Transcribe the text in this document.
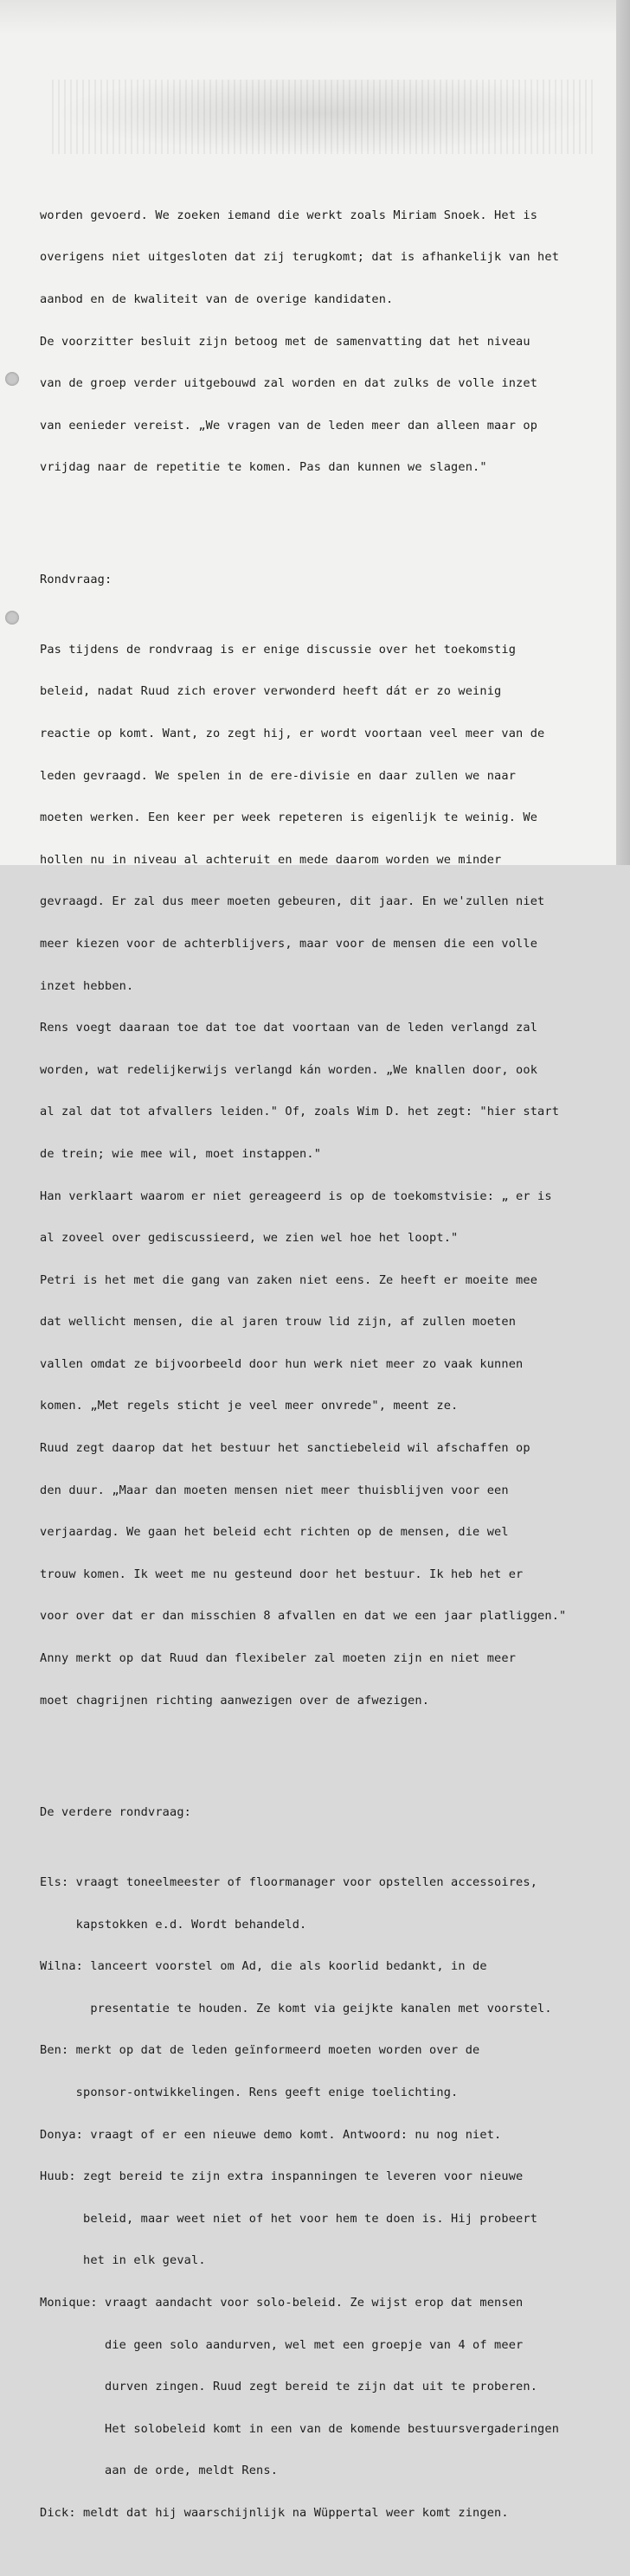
worden gevoerd. We zoeken iemand die werkt zoals Miriam Snoek. Het is

overigens niet uitgesloten dat zij terugkomt; dat is afhankelijk van het

aanbod en de kwaliteit van de overige kandidaten.

De voorzitter besluit zijn betoog met de samenvatting dat het niveau

van de groep verder uitgebouwd zal worden en dat zulks de volle inzet

van eenieder vereist. „We vragen van de leden meer dan alleen maar op

vrijdag naar de repetitie te komen. Pas dan kunnen we slagen."

Rondvraag:

Pas tijdens de rondvraag is er enige discussie over het toekomstig

beleid, nadat Ruud zich erover verwonderd heeft dát er zo weinig

reactie op komt. Want, zo zegt hij, er wordt voortaan veel meer van de

leden gevraagd. We spelen in de ere-divisie en daar zullen we naar

moeten werken. Een keer per week repeteren is eigenlijk te weinig. We

hollen nu in niveau al achteruit en mede daarom worden we minder

gevraagd. Er zal dus meer moeten gebeuren, dit jaar. En we'zullen niet

meer kiezen voor de achterblijvers, maar voor de mensen die een volle

inzet hebben.

Rens voegt daaraan toe dat toe dat voortaan van de leden verlangd zal

worden, wat redelijkerwijs verlangd kán worden. „We knallen door, ook

al zal dat tot afvallers leiden." Of, zoals Wim D. het zegt: "hier start

de trein; wie mee wil, moet instappen."

Han verklaart waarom er niet gereageerd is op de toekomstvisie: „ er is

al zoveel over gediscussieerd, we zien wel hoe het loopt."

Petri is het met die gang van zaken niet eens. Ze heeft er moeite mee

dat wellicht mensen, die al jaren trouw lid zijn, af zullen moeten

vallen omdat ze bijvoorbeeld door hun werk niet meer zo vaak kunnen

komen. „Met regels sticht je veel meer onvrede", meent ze.

Ruud zegt daarop dat het bestuur het sanctiebeleid wil afschaffen op

den duur. „Maar dan moeten mensen niet meer thuisblijven voor een

verjaardag. We gaan het beleid echt richten op de mensen, die wel

trouw komen. Ik weet me nu gesteund door het bestuur. Ik heb het er

voor over dat er dan misschien 8 afvallen en dat we een jaar platliggen."

Anny merkt op dat Ruud dan flexibeler zal moeten zijn en niet meer

moet chagrijnen richting aanwezigen over de afwezigen.

De verdere rondvraag:

Els: vraagt toneelmeester of floormanager voor opstellen accessoires,

kapstokken e.d. Wordt behandeld.

Wilna: lanceert voorstel om Ad, die als koorlid bedankt, in de

presentatie te houden. Ze komt via geijkte kanalen met voorstel.

Ben: merkt op dat de leden geïnformeerd moeten worden over de

sponsor-ontwikkelingen. Rens geeft enige toelichting.

Donya: vraagt of er een nieuwe demo komt. Antwoord: nu nog niet.

Huub: zegt bereid te zijn extra inspanningen te leveren voor nieuwe

beleid, maar weet niet of het voor hem te doen is. Hij probeert

het in elk geval.

Monique: vraagt aandacht voor solo-beleid. Ze wijst erop dat mensen

die geen solo aandurven, wel met een groepje van 4 of meer

durven zingen. Ruud zegt bereid te zijn dat uit te proberen.

Het solobeleid komt in een van de komende bestuursvergaderingen

aan de orde, meldt Rens.

Dick: meldt dat hij waarschijnlijk na Wüppertal weer komt zingen.
